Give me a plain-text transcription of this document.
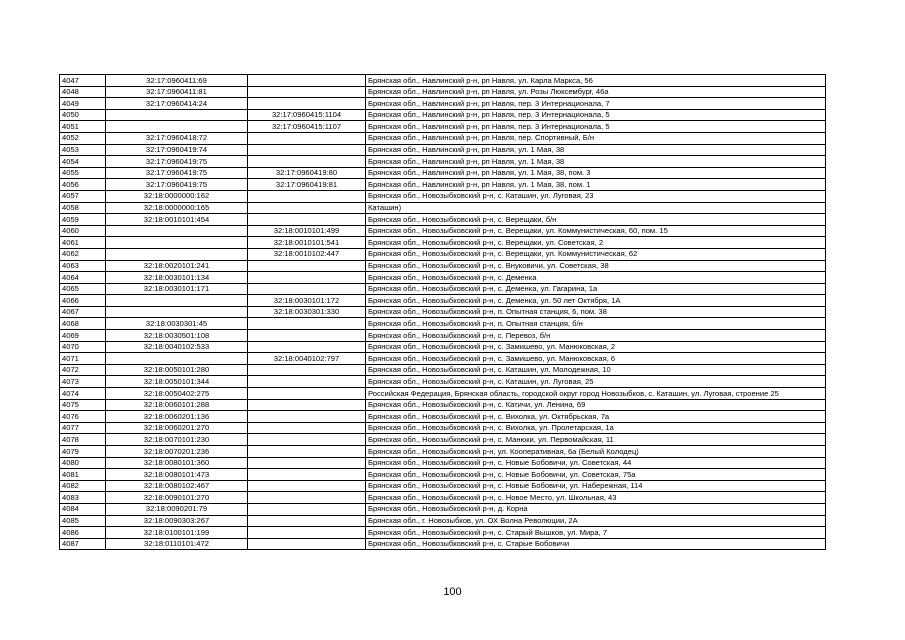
4047	32:17:0960411:69		Брянская обл., Навлинский р-н, рп Навля, ул. Карла Маркса, 56
4048	32:17:0960411:81		Брянская обл., Навлинский р-н, рп Навля, ул. Розы Люксембург, 46а
4049	32:17:0960414:24		Брянская обл., Навлинский р-н, рп Навля, пер. 3 Интернационала, 7
4050		32:17:0960415:1104	Брянская обл., Навлинский р-н, рп Навля, пер. 3 Интернационала, 5
4051		32:17:0960415:1107	Брянская обл., Навлинский р-н, рп Навля, пер. 3 Интернационала, 5
4052	32:17:0960418:72		Брянская обл., Навлинский р-н, рп Навля, пер. Спортивный, Б/н
4053	32:17:0960419:74		Брянская обл., Навлинский р-н, рп Навля, ул. 1 Мая, 38
4054	32:17:0960419:75		Брянская обл., Навлинский р-н, рп Навля, ул. 1 Мая, 38
4055	32:17:0960419:75	32:17:0960419:80	Брянская обл., Навлинский р-н, рп Навля, ул. 1 Мая, 38, пом. 3
4056	32:17:0960419:75	32:17:0960419:81	Брянская обл., Навлинский р-н, рп Навля, ул. 1 Мая, 38, пом. 1
4057	32:18:0000000:162		Брянская обл., Новозыбковский р-н, с. Каташин, ул. Луговая, 23
4058	32:18:0000000:165		Каташин)
4059	32:18:0010101:454		Брянская обл., Новозыбковский р-н, с. Верещаки, б/н
4060		32:18:0010101:499	Брянская обл., Новозыбковский р-н, с. Верещаки, ул. Коммунистическая, 60, пом. 15
4061		32:18:0010101:541	Брянская обл., Новозыбковский р-н, с. Верещаки, ул. Советская, 2
4062		32:18:0010102:447	Брянская обл., Новозыбковский р-н, с. Верещаки, ул. Коммунистическая, 62
4063	32:18:0020101:241		Брянская обл., Новозыбковский р-н, с. Внуковичи, ул. Советская, 38
4064	32:18:0030101:134		Брянская обл., Новозыбковский р-н, с. Деменка
4065	32:18:0030101:171		Брянская обл., Новозыбковский р-н, с. Деменка, ул. Гагарина, 1а
4066		32:18:0030101:172	Брянская обл., Новозыбковский р-н, с. Деменка, ул. 50 лет Октября, 1А
4067		32:18:0030301:330	Брянская обл., Новозыбковский р-н, п. Опытная станция, 6, пом. 38
4068	32:18:0030301:45		Брянская обл., Новозыбковский р-н, п. Опытная станция, б/н
4069	32:18:0030501:108		Брянская обл., Новозыбковский р-н, с. Перевоз, б/н
4070	32:18:0040102:533		Брянская обл., Новозыбковский р-н, с. Замишево, ул. Манюковская, 2
4071		32:18:0040102:797	Брянская обл., Новозыбковский р-н, с. Замишево, ул. Манюковская, 6
4072	32:18:0050101:280		Брянская обл., Новозыбковский р-н, с. Каташин, ул. Молодежная, 10
4073	32:18:0050101:344		Брянская обл., Новозыбковский р-н, с. Каташин, ул. Луговая, 25
4074	32:18:0050402:275		Российская Федерация, Брянская область, городской округ город Новозыбков, с. Каташин, ул. Луговая, строение 25
4075	32:18:0060101:288		Брянская обл., Новозыбковский р-н, с. Катичи, ул. Ленина, 69
4076	32:18:0060201:136		Брянская обл., Новозыбковский р-н, с. Вихолка, ул. Октябрьская, 7а
4077	32:18:0060201:270		Брянская обл., Новозыбковский р-н, с. Вихолка, ул. Пролетарская, 1а
4078	32:18:0070101:230		Брянская обл., Новозыбковский р-н, с. Манюки, ул. Первомайская, 11
4079	32:18:0070201:236		Брянская обл., Новозыбковский р-н, ул. Кооперативная, 6а (Белый Колодец)
4080	32:18:0080101:360		Брянская обл., Новозыбковский р-н, с. Новые Бобовичи, ул. Советская, 44
4081	32:18:0080101:473		Брянская обл., Новозыбковский р-н, с. Новые Бобовичи, ул. Советская, 75а
4082	32:18:0080102:467		Брянская обл., Новозыбковский р-н, с. Новые Бобовичи, ул. Набережная, 114
4083	32:18:0090101:270		Брянская обл., Новозыбковский р-н, с. Новое Место, ул. Школьная, 43
4084	32:18:0090201:79		Брянская обл., Новозыбковский р-н, д. Корна
4085	32:18:0090303:267		Брянская обл., г. Новозыбков, ул. ОХ Волна Революции, 2А
4086	32:18:0100101:199		Брянская обл., Новозыбковский р-н, с. Старый Вышков, ул. Мира, 7
4087	32:18:0110101:472		Брянская обл., Новозыбковский р-н, с. Старые Бобовичи
100
